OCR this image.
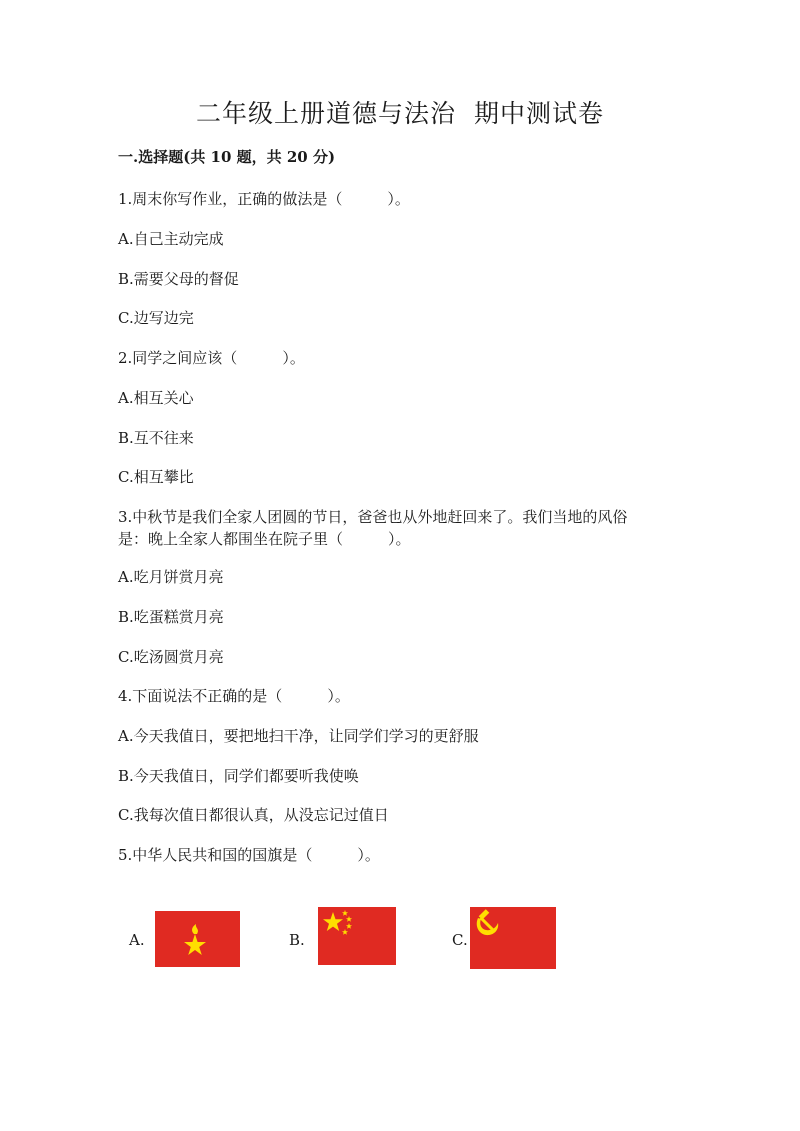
二年级上册道德与法治  期中测试卷
一.选择题(共 10 题，共 20 分)
1.周末你写作业，正确的做法是（　　　）。
A.自己主动完成
B.需要父母的督促
C.边写边完
2.同学之间应该（　　　）。
A.相互关心
B.互不往来
C.相互攀比
3.中秋节是我们全家人团圆的节日，爸爸也从外地赶回来了。我们当地的风俗
是：晚上全家人都围坐在院子里（　　　）。
A.吃月饼赏月亮
B.吃蛋糕赏月亮
C.吃汤圆赏月亮
4.下面说法不正确的是（　　　）。
A.今天我值日，要把地扫干净，让同学们学习的更舒服
B.今天我值日，同学们都要听我使唤
C.我每次值日都很认真，从没忘记过值日
5.中华人民共和国的国旗是（　　　）。
A.	B.	C.
